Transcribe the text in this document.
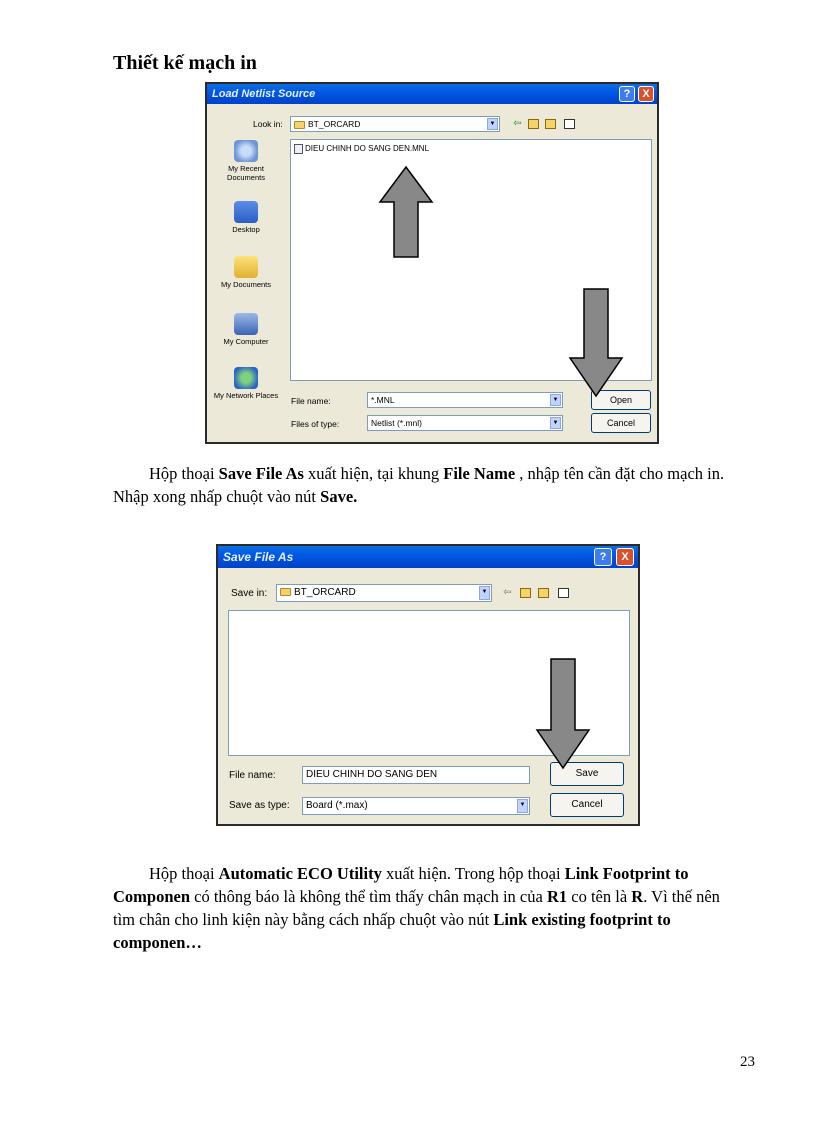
Thiết kế mạch in
Load Netlist Source	?	X
Look in:	BT_ORCARD	▼ ⇦
My Recent Documents
Desktop
My Documents
My Computer
My Network Places
DIEU CHINH DO SANG DEN.MNL
File name:	*.MNL	▼
Files of type:	Netlist (*.mnl)	▼
Open
Cancel
Hộp thoại Save File As xuất hiện, tại khung File Name , nhập tên cần đặt cho mạch in. Nhập xong nhấp chuột vào nút Save.
Save File As	?	X
Save in:	BT_ORCARD	▼ ⇦
File name:	DIEU CHINH DO SANG DEN
Save as type:	Board (*.max)	▼
Save
Cancel
Hộp thoại Automatic ECO Utility xuất hiện. Trong hộp thoại Link Footprint to Componen có thông báo là không thể tìm thấy chân mạch in của R1 co tên là R. Vì thế nên tìm chân cho linh kiện này bằng cách nhấp chuột vào nút Link existing footprint to componen…
23
